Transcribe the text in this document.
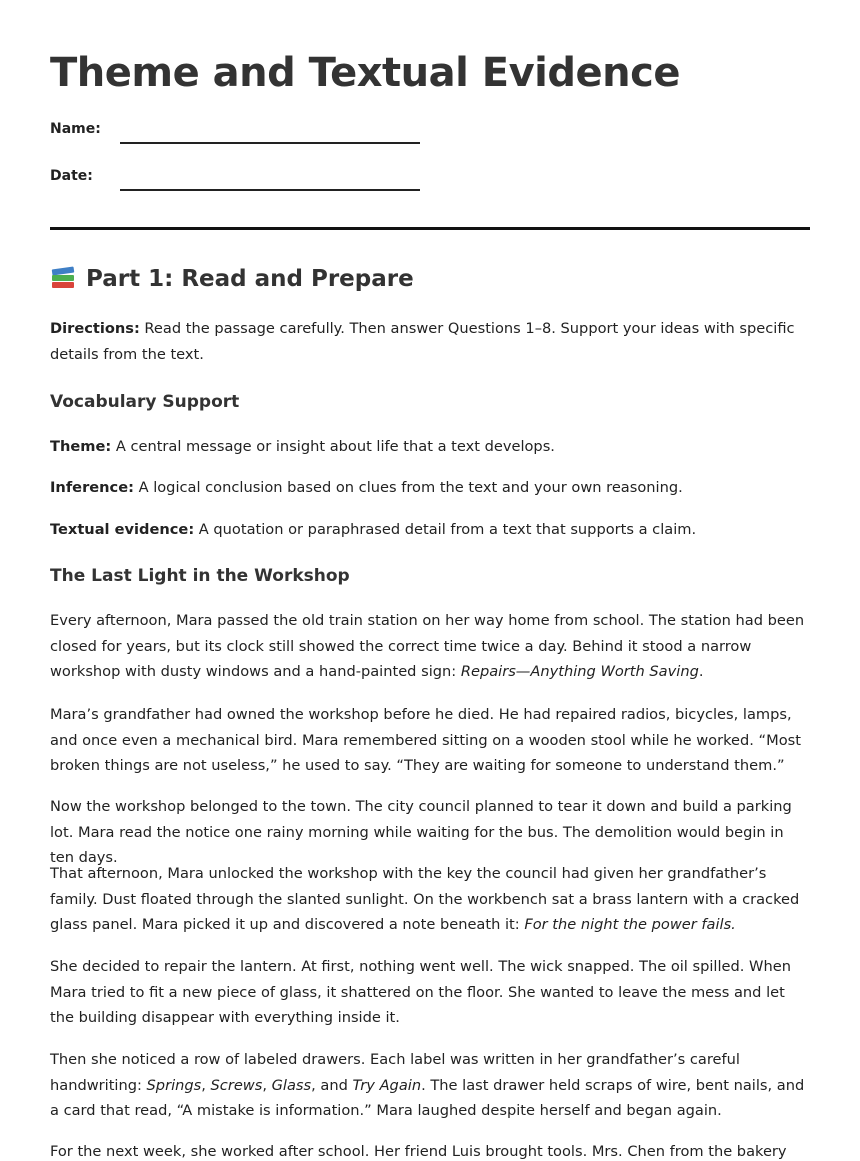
Theme and Textual Evidence
Name:
Date:
Part 1: Read and Prepare
Directions: Read the passage carefully. Then answer Questions 1–8. Support your ideas with specific details from the text.
Vocabulary Support
Theme: A central message or insight about life that a text develops.
Inference: A logical conclusion based on clues from the text and your own reasoning.
Textual evidence: A quotation or paraphrased detail from a text that supports a claim.
The Last Light in the Workshop
Every afternoon, Mara passed the old train station on her way home from school. The station had been closed for years, but its clock still showed the correct time twice a day. Behind it stood a narrow workshop with dusty windows and a hand-painted sign: Repairs—Anything Worth Saving.
Mara’s grandfather had owned the workshop before he died. He had repaired radios, bicycles, lamps, and once even a mechanical bird. Mara remembered sitting on a wooden stool while he worked. “Most broken things are not useless,” he used to say. “They are waiting for someone to understand them.”
Now the workshop belonged to the town. The city council planned to tear it down and build a parking lot. Mara read the notice one rainy morning while waiting for the bus. The demolition would begin in ten days.
That afternoon, Mara unlocked the workshop with the key the council had given her grandfather’s family. Dust floated through the slanted sunlight. On the workbench sat a brass lantern with a cracked glass panel. Mara picked it up and discovered a note beneath it: For the night the power fails.
She decided to repair the lantern. At first, nothing went well. The wick snapped. The oil spilled. When Mara tried to fit a new piece of glass, it shattered on the floor. She wanted to leave the mess and let the building disappear with everything inside it.
Then she noticed a row of labeled drawers. Each label was written in her grandfather’s careful handwriting: Springs, Screws, Glass, and Try Again. The last drawer held scraps of wire, bent nails, and a card that read, “A mistake is information.” Mara laughed despite herself and began again.
For the next week, she worked after school. Her friend Luis brought tools. Mrs. Chen from the bakery
